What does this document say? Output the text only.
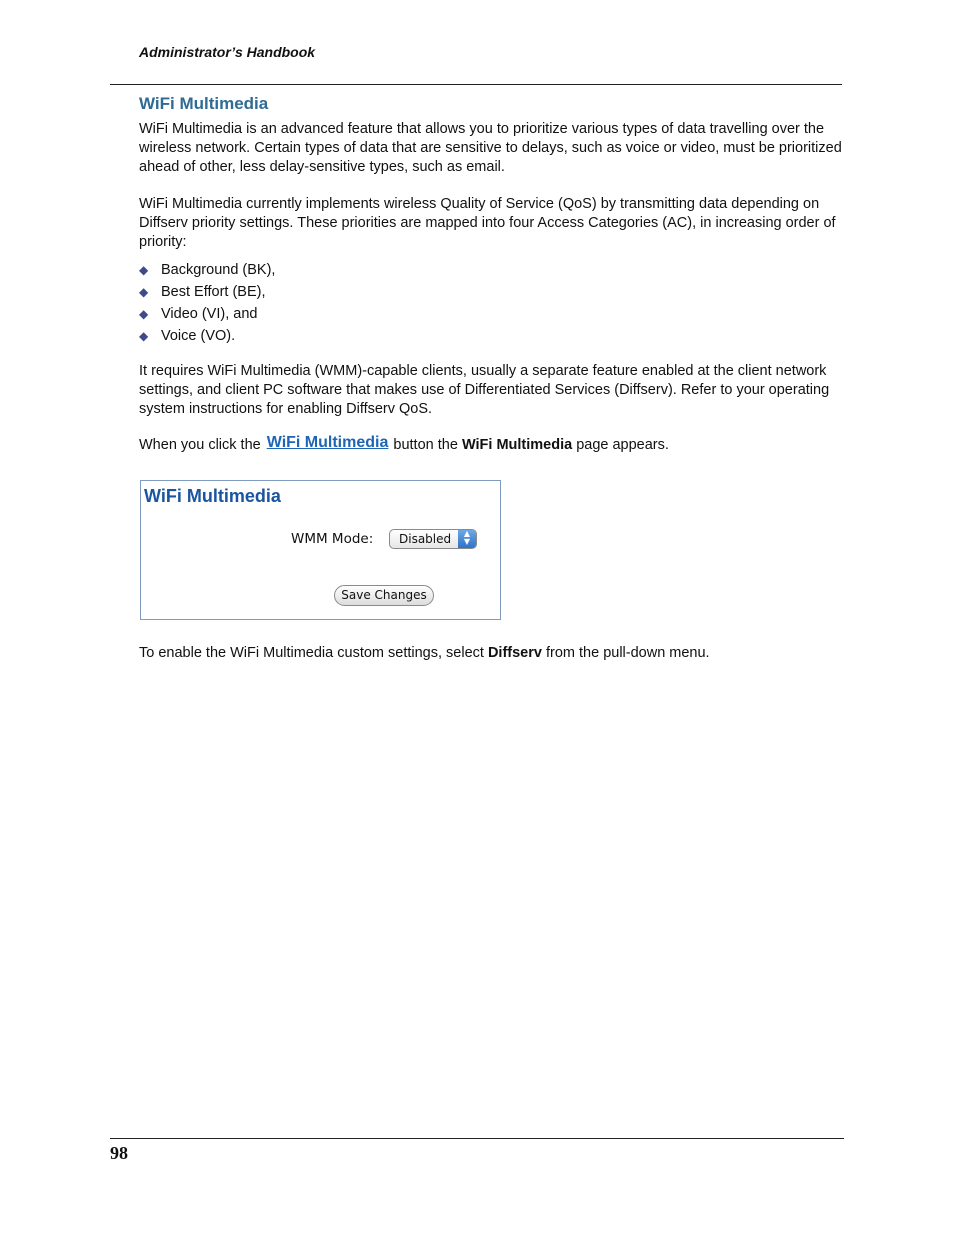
Administrator’s Handbook
WiFi Multimedia
WiFi Multimedia is an advanced feature that allows you to prioritize various types of data travelling over the wireless network. Certain types of data that are sensitive to delays, such as voice or video, must be prioritized ahead of other, less delay-sensitive types, such as email.
WiFi Multimedia currently implements wireless Quality of Service (QoS) by transmitting data depending on Diffserv priority settings. These priorities are mapped into four Access Categories (AC), in increasing order of priority:
◆ Background (BK),
◆ Best Effort (BE),
◆ Video (VI), and
◆ Voice (VO).
It requires WiFi Multimedia (WMM)-capable clients, usually a separate feature enabled at the client network settings, and client PC software that makes use of Differentiated Services (Diffserv). Refer to your operating system instructions for enabling Diffserv QoS.
When you click the WiFi Multimedia button the WiFi Multimedia page appears.
WiFi Multimedia
WMM Mode: Disabled	▲
▼
Save Changes
To enable the WiFi Multimedia custom settings, select Diffserv from the pull-down menu.
98
